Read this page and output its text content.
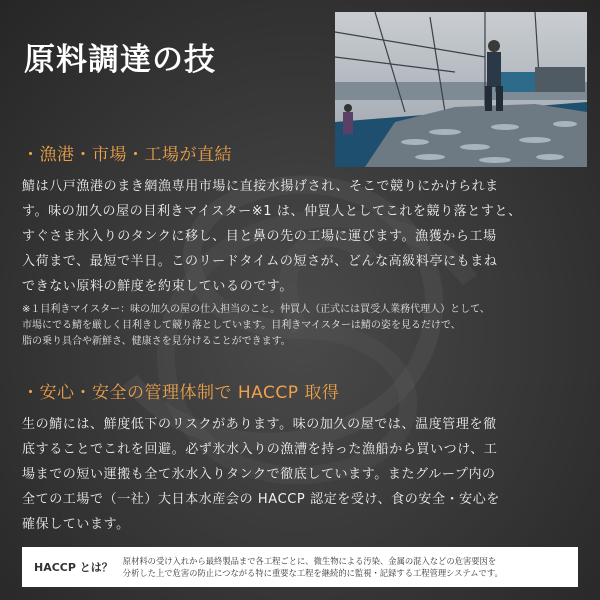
原料調達の技
・漁港・市場・工場が直結

鯖は八戸漁港のまき網漁専用市場に直接水揚げされ、そこで競りにかけられま
す。味の加久の屋の目利きマイスター※1 は、仲買人としてこれを競り落とすと、
すぐさま氷入りのタンクに移し、目と鼻の先の工場に運びます。漁獲から工場
入荷まで、最短で半日。このリードタイムの短さが、どんな高級料亭にもまね
できない原料の鮮度を約束しているのです。

※１目利きマイスター：味の加久の屋の仕入担当のこと。仲買人（正式には買受人業務代理人）として、
市場にでる鯖を厳しく目利きして競り落としています。目利きマイスターは鯖の姿を見るだけで、
脂の乗り具合や新鮮さ、健康さを見分けることができます。

・安心・安全の管理体制で HACCP 取得

生の鯖には、鮮度低下のリスクがあります。味の加久の屋では、温度管理を徹
底することでこれを回避。必ず氷水入りの漁漕を持った漁船から買いつけ、工
場までの短い運搬も全て氷水入りタンクで徹底しています。またグループ内の
全ての工場で（一社）大日本水産会の HACCP 認定を受け、食の安全・安心を
確保しています。

HACCP とは？	原材料の受け入れから最終製品まで各工程ごとに、微生物による汚染、金属の混入などの危害要因を
分析した上で危害の防止につながる特に重要な工程を継続的に監視・記録する工程管理システムです。
